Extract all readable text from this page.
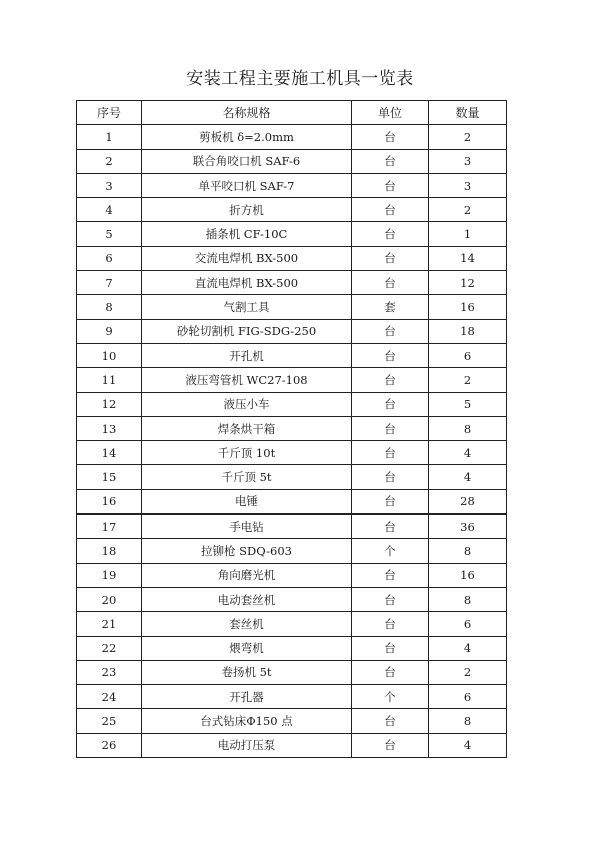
安装工程主要施工机具一览表
序号	名称规格	单位	数量
1	剪板机 δ=2.0mm	台	2
2	联合角咬口机 SAF-6	台	3
3	单平咬口机 SAF-7	台	3
4	折方机	台	2
5	插条机 CF-10C	台	1
6	交流电焊机 BX-500	台	14
7	直流电焊机 BX-500	台	12
8	气割工具	套	16
9	砂轮切割机 FIG-SDG-250	台	18
10	开孔机	台	6
11	液压弯管机 WC27-108	台	2
12	液压小车	台	5
13	焊条烘干箱	台	8
14	千斤顶 10t	台	4
15	千斤顶 5t	台	4
16	电锤	台	28
17	手电钻	台	36
18	拉铆枪 SDQ-603	个	8
19	角向磨光机	台	16
20	电动套丝机	台	8
21	套丝机	台	6
22	煨弯机	台	4
23	卷扬机 5t	台	2
24	开孔器	个	6
25	台式钻床Φ150 点	台	8
26	电动打压泵	台	4
